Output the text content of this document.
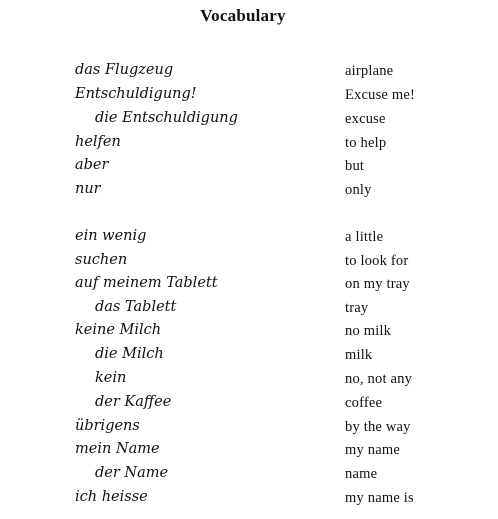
Vocabulary
das Flugzeug	airplane
Entschuldigung!	Excuse me!
die Entschuldigung	excuse
helfen	to help
aber	but
nur	only
ein wenig	a little
suchen	to look for
auf meinem Tablett	on my tray
das Tablett	tray
keine Milch	no milk
die Milch	milk
kein	no, not any
der Kaffee	coffee
übrigens	by the way
mein Name	my name
der Name	name
ich heisse	my name is
